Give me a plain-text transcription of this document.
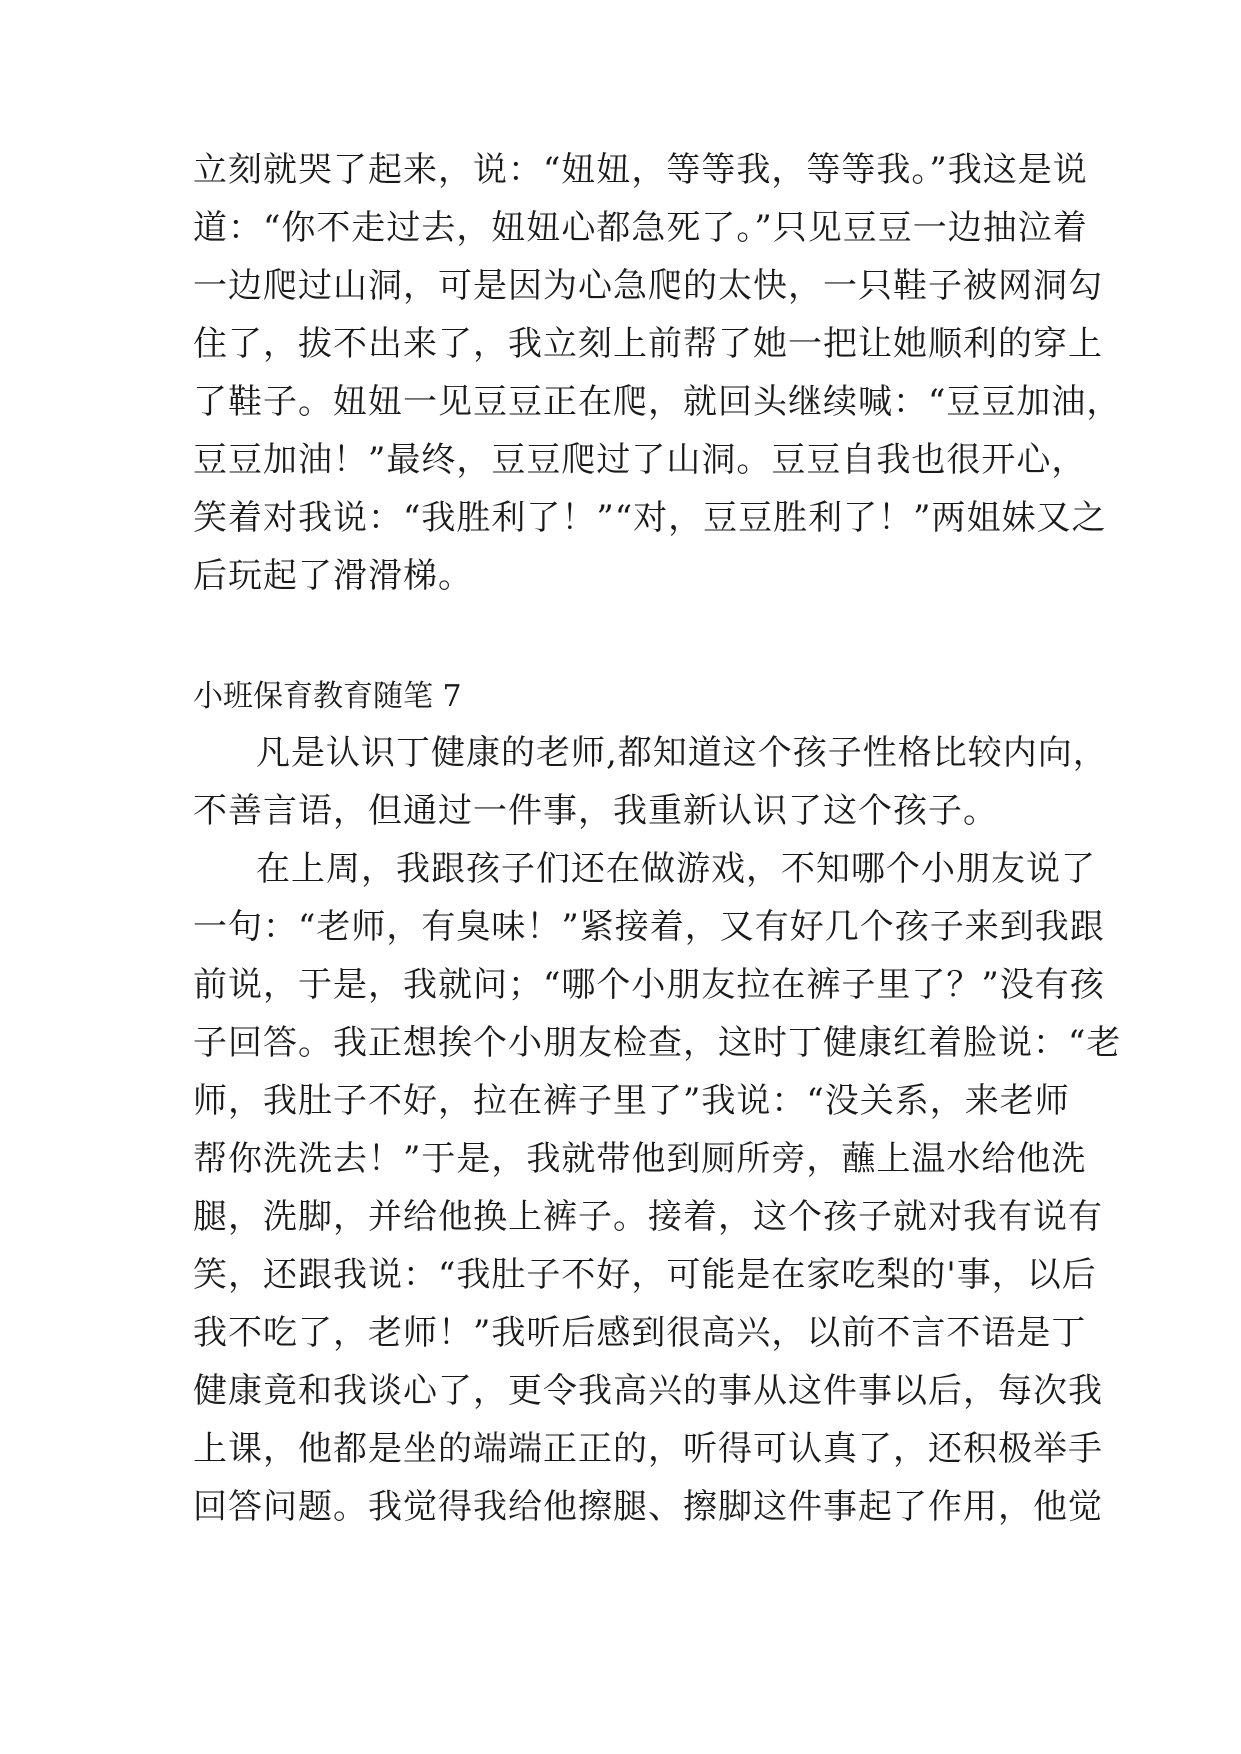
立刻就哭了起来，说：“妞妞，等等我，等等我。”我这是说
道：“你不走过去，妞妞心都急死了。”只见豆豆一边抽泣着
一边爬过山洞，可是因为心急爬的太快，一只鞋子被网洞勾
住了，拔不出来了，我立刻上前帮了她一把让她顺利的穿上
了鞋子。妞妞一见豆豆正在爬，就回头继续喊：“豆豆加油，
豆豆加油！”最终，豆豆爬过了山洞。豆豆自我也很开心，
笑着对我说：“我胜利了！”“对，豆豆胜利了！”两姐妹又之
后玩起了滑滑梯。
小班保育教育随笔 7
凡是认识丁健康的老师,都知道这个孩子性格比较内向，
不善言语，但通过一件事，我重新认识了这个孩子。
在上周，我跟孩子们还在做游戏，不知哪个小朋友说了
一句：“老师，有臭味！”紧接着，又有好几个孩子来到我跟
前说，于是，我就问；“哪个小朋友拉在裤子里了？”没有孩
子回答。我正想挨个小朋友检查，这时丁健康红着脸说：“老
师，我肚子不好，拉在裤子里了”我说：“没关系，来老师
帮你洗洗去！”于是，我就带他到厕所旁，蘸上温水给他洗
腿，洗脚，并给他换上裤子。接着，这个孩子就对我有说有
笑，还跟我说：“我肚子不好，可能是在家吃梨的'事，以后
我不吃了，老师！”我听后感到很高兴，以前不言不语是丁
健康竟和我谈心了，更令我高兴的事从这件事以后，每次我
上课，他都是坐的端端正正的，听得可认真了，还积极举手
回答问题。我觉得我给他擦腿、擦脚这件事起了作用，他觉
